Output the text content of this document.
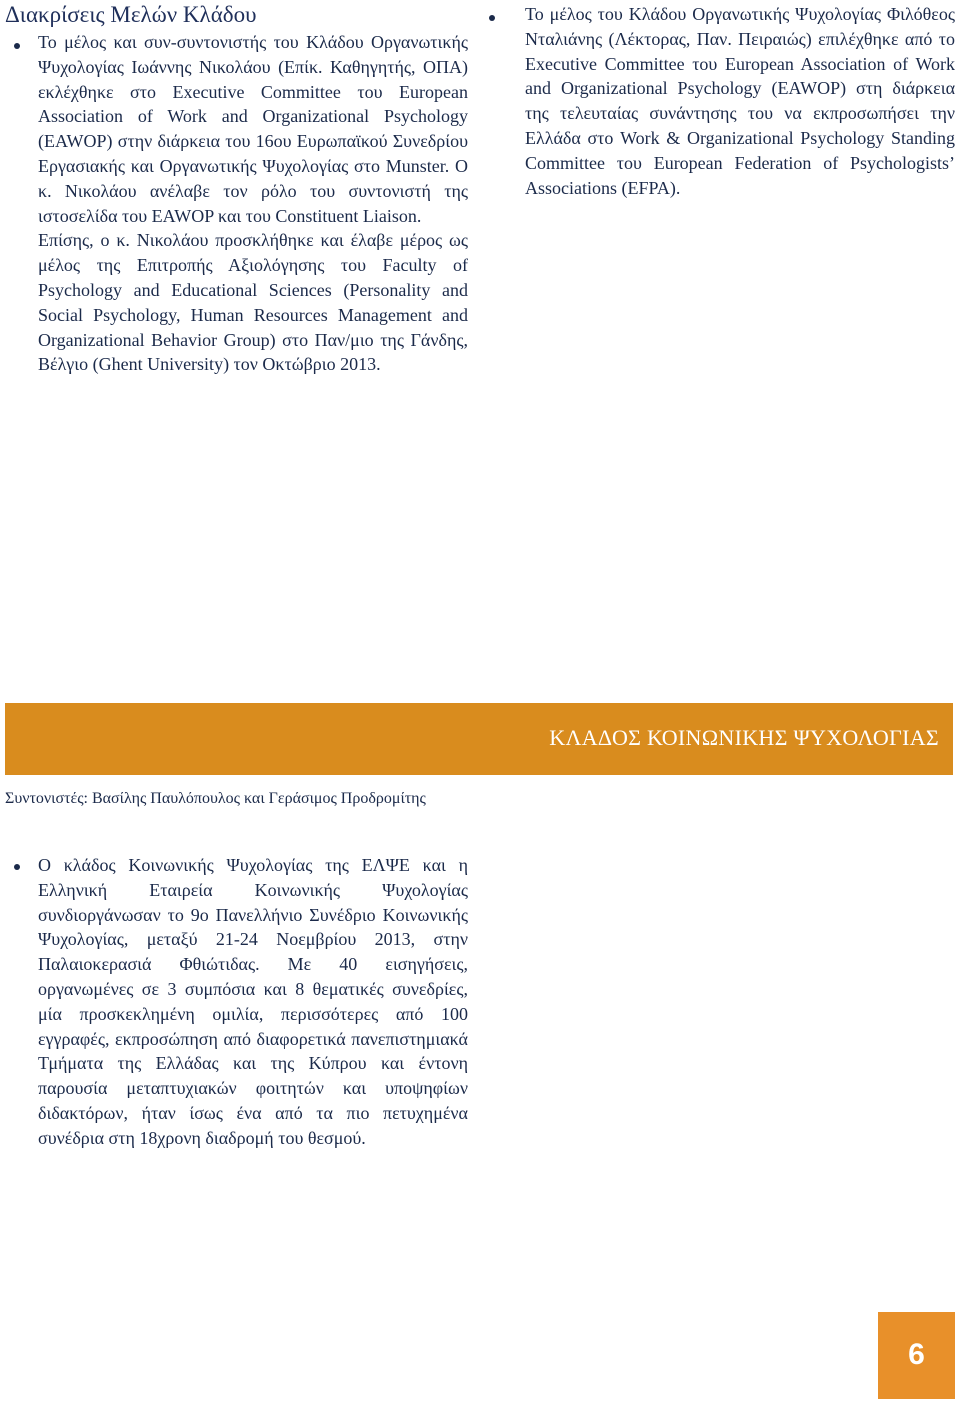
Διακρίσεις Μελών Κλάδου

Το μέλος και συν-συντονιστής του Κλάδου Οργανωτικής Ψυχολογίας Ιωάννης Νικολάου (Επίκ. Καθηγητής, ΟΠΑ) εκλέχθηκε στο Executive Committee του European Association of Work and Organizational Psychology (EAWOP) στην διάρκεια του 16ου Ευρωπαϊκού Συνεδρίου Εργασιακής και Οργανωτικής Ψυχολογίας στο Munster. Ο κ. Νικολάου ανέλαβε τον ρόλο του συντονιστή της ιστοσελίδα του EAWOP και του Constituent Liaison.

Επίσης, ο κ. Νικολάου προσκλήθηκε και έλαβε μέρος ως μέλος της Επιτροπής Αξιολόγησης του Faculty of Psychology and Educational Sciences (Personality and Social Psychology, Human Resources Management and Organizational Behavior Group) στο Παν/μιο της Γάνδης, Βέλγιο (Ghent University) τον Οκτώβριο 2013.

Το μέλος του Κλάδου Οργανωτικής Ψυχολογίας Φιλόθεος Νταλιάνης (Λέκτορας, Παν. Πειραιώς) επιλέχθηκε από το Executive Committee του European Association of Work and Organizational Psychology (EAWOP) στη διάρκεια της τελευταίας συνάντησης του να εκπροσωπήσει την Ελλάδα στο Work & Organizational Psychology Standing Committee του European Federation of Psychologists’ Associations (EFPA).

ΚΛΑΔΟΣ ΚΟΙΝΩΝΙΚΗΣ ΨΥΧΟΛΟΓΙΑΣ
Συντονιστές: Βασίλης Παυλόπουλος και Γεράσιμος Προδρομίτης

Ο κλάδος Κοινωνικής Ψυχολογίας της ΕΛΨΕ και η Ελληνική Εταιρεία Κοινωνικής Ψυχολογίας συνδιοργάνωσαν το 9ο Πανελλήνιο Συνέδριο Κοινωνικής Ψυχολογίας, μεταξύ 21-24 Νοεμβρίου 2013, στην Παλαιοκερασιά Φθιώτιδας. Με 40 εισηγήσεις, οργανωμένες σε 3 συμπόσια και 8 θεματικές συνεδρίες, μία προσκεκλημένη ομιλία, περισσότερες από 100 εγγραφές, εκπροσώπηση από διαφορετικά πανεπιστημιακά Τμήματα της Ελλάδας και της Κύπρου και έντονη παρουσία μεταπτυχιακών φοιτητών και υποψηφίων διδακτόρων, ήταν ίσως ένα από τα πιο πετυχημένα συνέδρια στη 18χρονη διαδρομή του θεσμού.

6
